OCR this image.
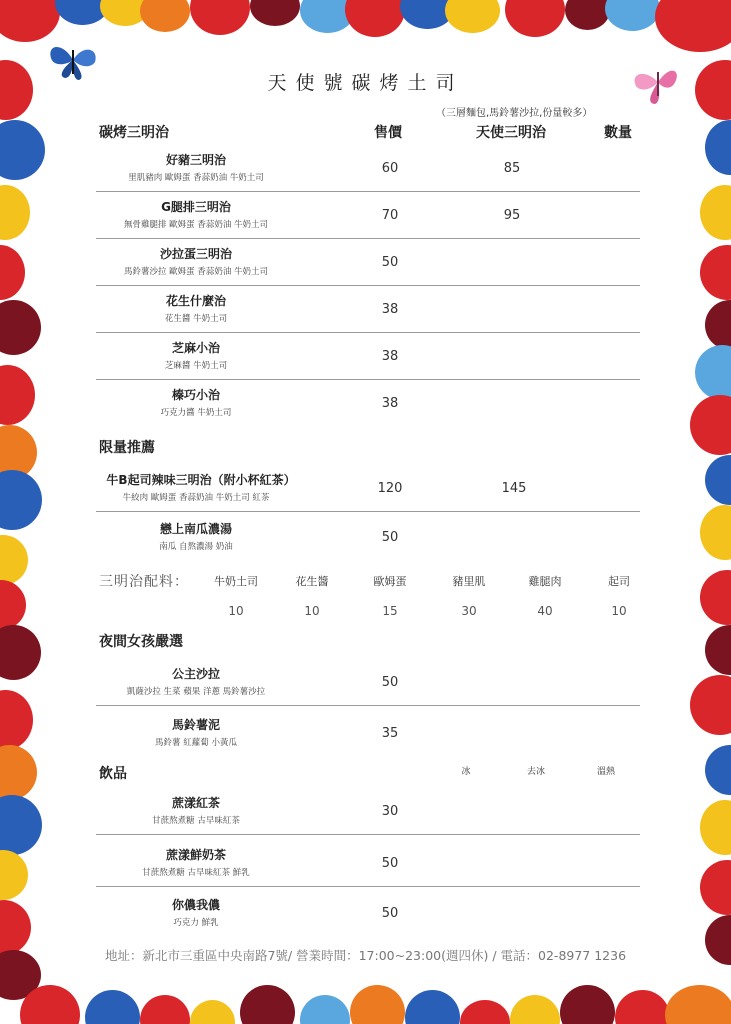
天使號碳烤土司
（三層麵包,馬鈴薯沙拉,份量較多）
碳烤三明治	售價	天使三明治	數量
好豬三明治
里肌豬肉 歐姆蛋 香蒜奶油 牛奶土司
60	85
G腿排三明治
無骨雞腿排 歐姆蛋 香蒜奶油 牛奶土司
70	95
沙拉蛋三明治
馬鈴薯沙拉 歐姆蛋 香蒜奶油 牛奶土司
50
花生什麼治
花生醬 牛奶土司
38
芝麻小治
芝麻醬 牛奶土司
38
榛巧小治
巧克力醬 牛奶土司
38
限量推薦
牛B起司辣味三明治（附小杯紅茶）
牛絞肉 歐姆蛋 香蒜奶油 牛奶土司 紅茶
120	145
戀上南瓜濃湯
南瓜 自熬濃湯 奶油
50
三明治配料：	牛奶土司	花生醬	歐姆蛋	豬里肌	雞腿肉	起司
10	10	15	30	40	10
夜間女孩嚴選
公主沙拉
凱薩沙拉 生菜 蘋果 洋蔥 馬鈴薯沙拉
50
馬鈴薯泥
馬鈴薯 紅蘿蔔 小黃瓜
35
飲品	冰	去冰	溫熱
蔗漾紅茶
甘蔗熬煮糖 古早味紅茶
30
蔗漾鮮奶茶
甘蔗熬煮糖 古早味紅茶 鮮乳
50
你儂我儂
巧克力 鮮乳
50
地址：新北市三重區中央南路7號/ 營業時間：17:00~23:00(週四休) / 電話：02-8977 1236
